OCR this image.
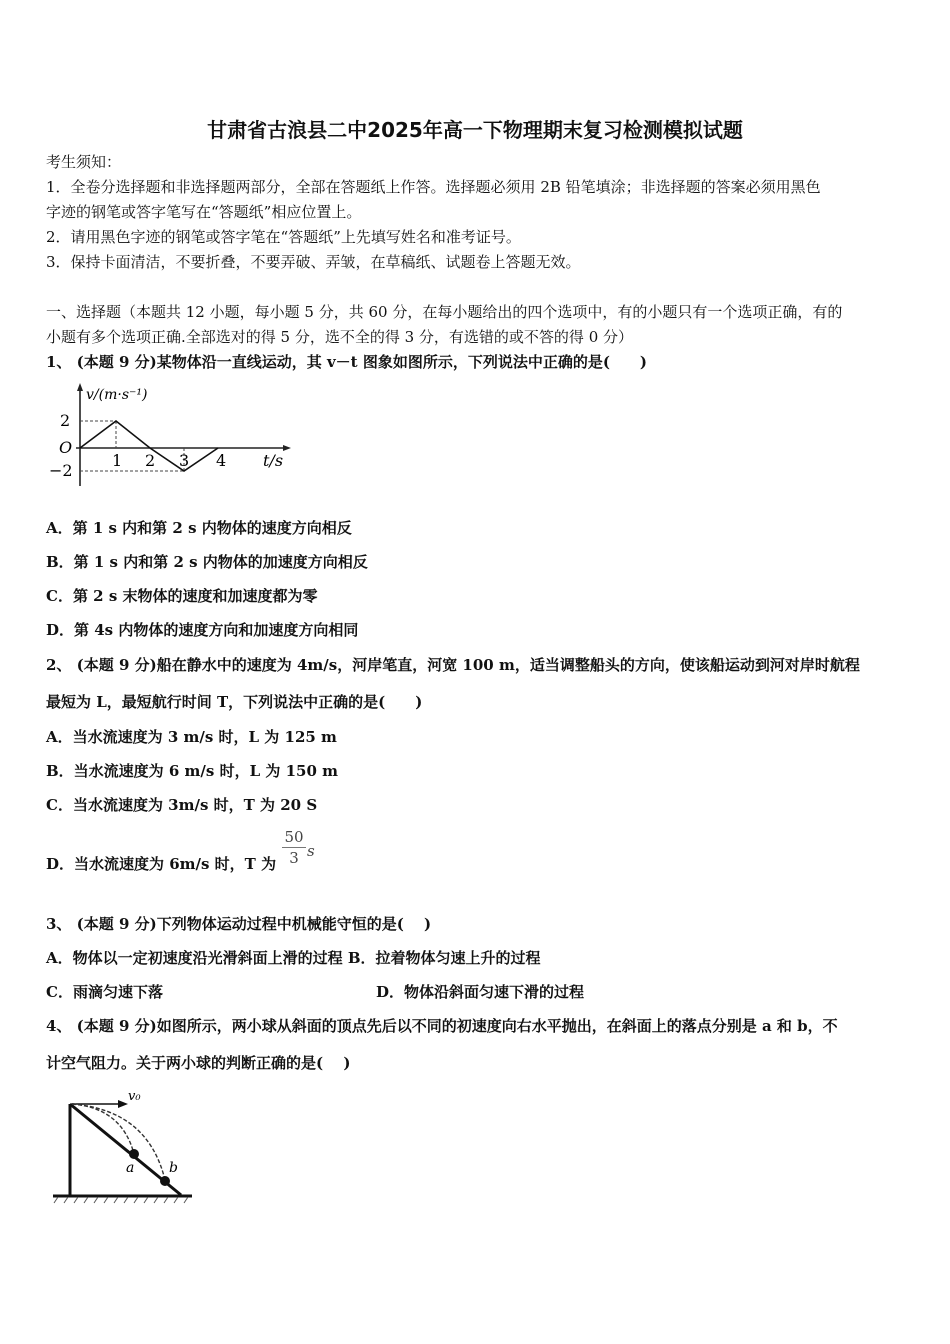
甘肃省古浪县二中2025年高一下物理期末复习检测模拟试题
考生须知：
1．全卷分选择题和非选择题两部分，全部在答题纸上作答。选择题必须用 2B 铅笔填涂；非选择题的答案必须用黑色
字迹的钢笔或答字笔写在“答题纸”相应位置上。
2．请用黑色字迹的钢笔或答字笔在“答题纸”上先填写姓名和准考证号。
3．保持卡面清洁，不要折叠，不要弄破、弄皱，在草稿纸、试题卷上答题无效。
一、选择题（本题共 12 小题，每小题 5 分，共 60 分，在每小题给出的四个选项中，有的小题只有一个选项正确，有的
小题有多个选项正确.全部选对的得 5 分，选不全的得 3 分，有选错的或不答的得 0 分）
1、 (本题 9 分)某物体沿一直线运动，其 v－t 图象如图所示，下列说法中正确的是(　　)
v/(m·s⁻¹)
2
O
−2
1 2 3 4 t/s
A．第 1 s 内和第 2 s 内物体的速度方向相反
B．第 1 s 内和第 2 s 内物体的加速度方向相反
C．第 2 s 末物体的速度和加速度都为零
D．第 4s 内物体的速度方向和加速度方向相同
2、 (本题 9 分)船在静水中的速度为 4m/s，河岸笔直，河宽 100 m，适当调整船头的方向，使该船运动到河对岸时航程
最短为 L，最短航行时间 T，下列说法中正确的是(　　)
A．当水流速度为 3 m/s 时，L 为 125 m
B．当水流速度为 6 m/s 时，L 为 150 m
C．当水流速度为 3m/s 时，T 为 20 S
D．当水流速度为 6m/s 时，T 为
50
3 s
3、 (本题 9 分)下列物体运动过程中机械能守恒的是(　 )
A．物体以一定初速度沿光滑斜面上滑的过程 B．拉着物体匀速上升的过程
C．雨滴匀速下落	D．物体沿斜面匀速下滑的过程
4、 (本题 9 分)如图所示，两小球从斜面的顶点先后以不同的初速度向右水平抛出，在斜面上的落点分别是 a 和 b，不
计空气阻力。关于两小球的判断正确的是(　 )
v₀
a b
